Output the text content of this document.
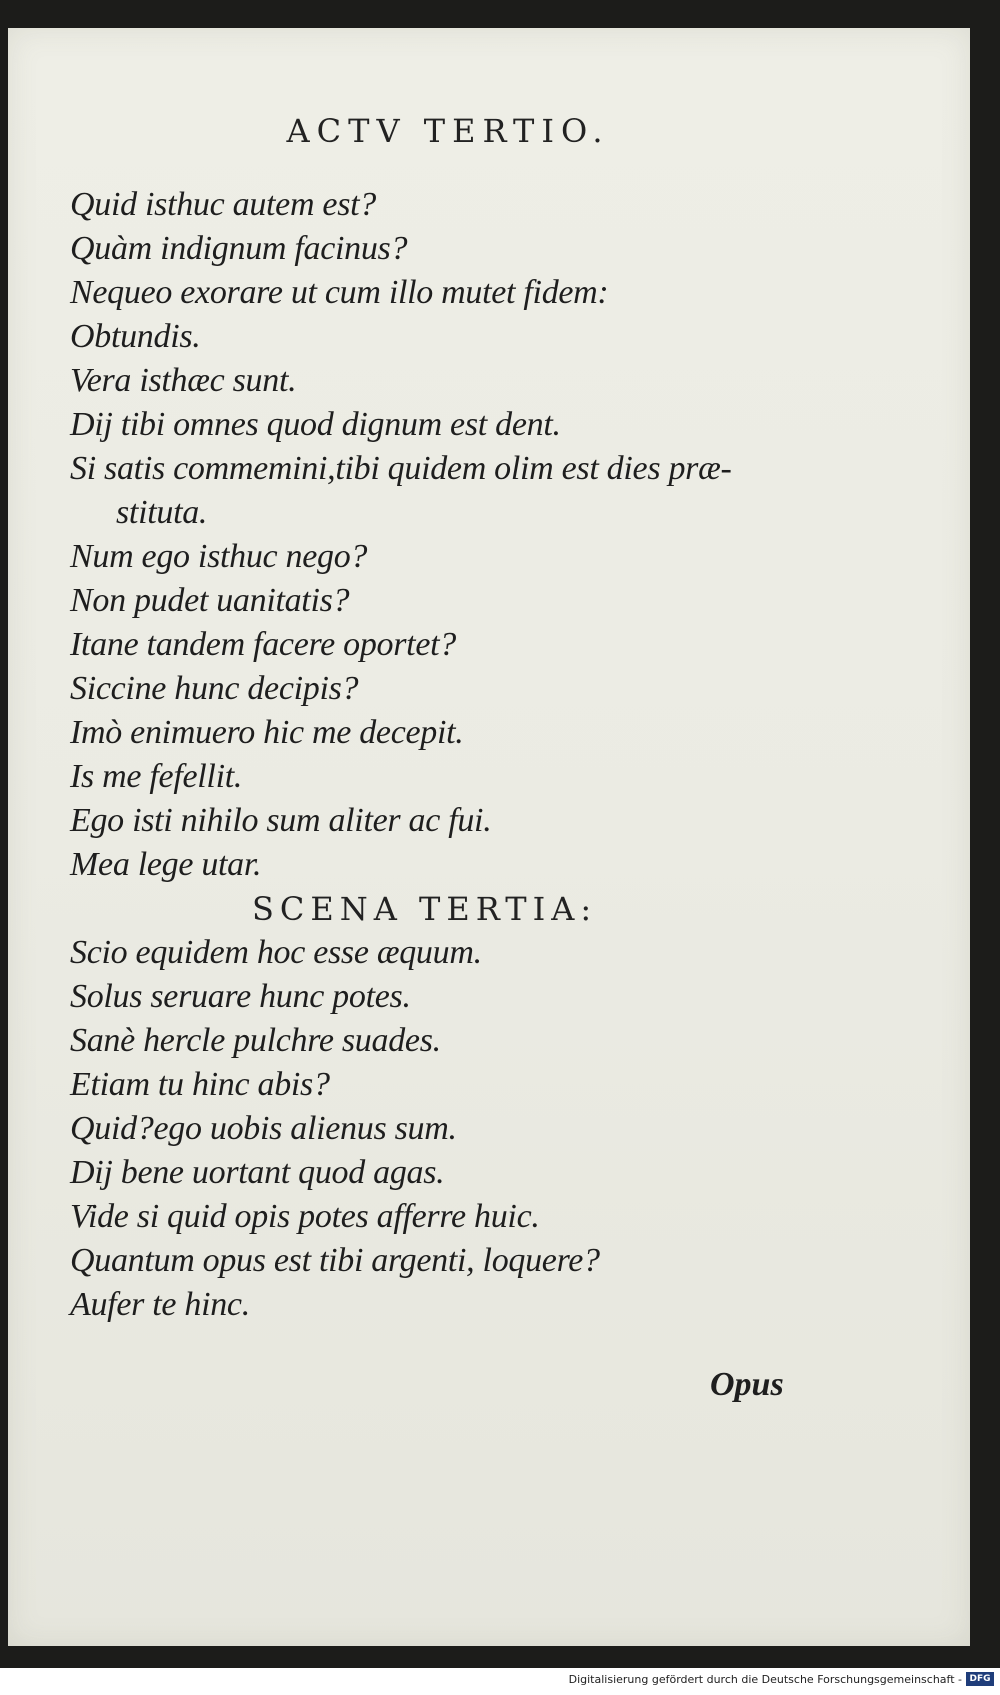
ACTV TERTIO.
Quid isthuc autem est?
Quàm indignum facinus?
Nequeo exorare ut cum illo mutet fidem:
Obtundis.
Vera isthæc sunt.
Dij tibi omnes quod dignum est dent.
Si satis commemini,tibi quidem olim est dies præ-
stituta.
Num ego isthuc nego?
Non pudet uanitatis?
Itane tandem facere oportet?
Siccine hunc decipis?
Imò enimuero hic me decepit.
Is me fefellit.
Ego isti nihilo sum aliter ac fui.
Mea lege utar.
SCENA TERTIA:
Scio equidem hoc esse æquum.
Solus seruare hunc potes.
Sanè hercle pulchre suades.
Etiam tu hinc abis?
Quid?ego uobis alienus sum.
Dij bene uortant quod agas.
Vide si quid opis potes afferre huic.
Quantum opus est tibi argenti, loquere?
Aufer te hinc.
Opus
Digitalisierung gefördert durch die Deutsche Forschungsgemeinschaft - DFG
